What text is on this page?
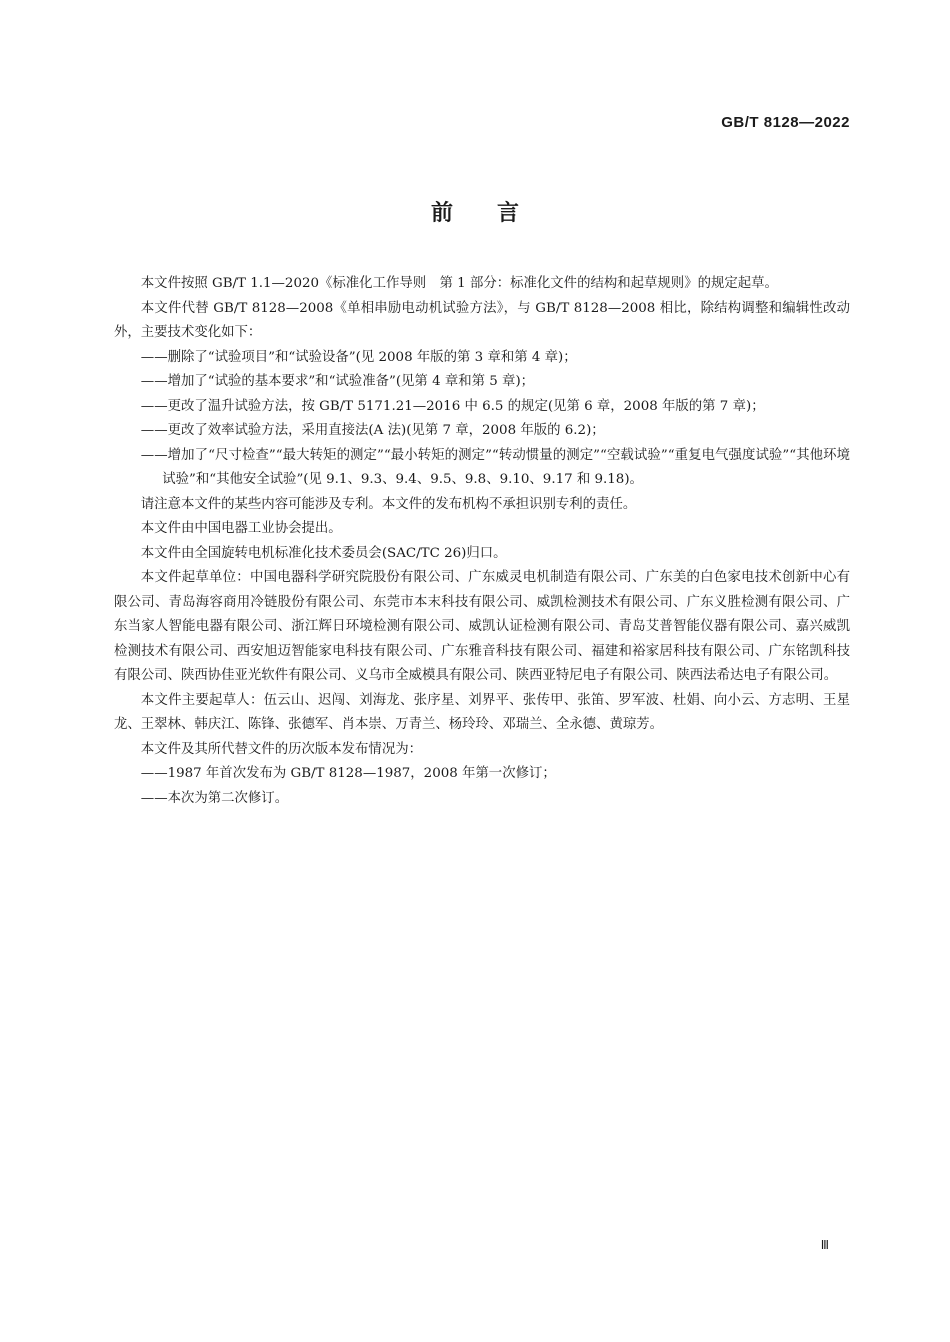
GB/T 8128—2022
前言

本文件按照 GB/T 1.1—2020《标准化工作导则　第 1 部分：标准化文件的结构和起草规则》的规定起草。

本文件代替 GB/T 8128—2008《单相串励电动机试验方法》，与 GB/T 8128—2008 相比，除结构调整和编辑性改动外，主要技术变化如下：

——删除了“试验项目”和“试验设备”(见 2008 年版的第 3 章和第 4 章)；

——增加了“试验的基本要求”和“试验准备”(见第 4 章和第 5 章)；

——更改了温升试验方法，按 GB/T 5171.21—2016 中 6.5 的规定(见第 6 章，2008 年版的第 7 章)；

——更改了效率试验方法，采用直接法(A 法)(见第 7 章，2008 年版的 6.2)；

——增加了“尺寸检查”“最大转矩的测定”“最小转矩的测定”“转动惯量的测定”“空载试验”“重复电气强度试验”“其他环境试验”和“其他安全试验”(见 9.1、9.3、9.4、9.5、9.8、9.10、9.17 和 9.18)。

请注意本文件的某些内容可能涉及专利。本文件的发布机构不承担识别专利的责任。

本文件由中国电器工业协会提出。

本文件由全国旋转电机标准化技术委员会(SAC/TC 26)归口。

本文件起草单位：中国电器科学研究院股份有限公司、广东威灵电机制造有限公司、广东美的白色家电技术创新中心有限公司、青岛海容商用冷链股份有限公司、东莞市本末科技有限公司、威凯检测技术有限公司、广东义胜检测有限公司、广东当家人智能电器有限公司、浙江辉日环境检测有限公司、威凯认证检测有限公司、青岛艾普智能仪器有限公司、嘉兴威凯检测技术有限公司、西安旭迈智能家电科技有限公司、广东雅音科技有限公司、福建和裕家居科技有限公司、广东铭凯科技有限公司、陕西协佳亚光软件有限公司、义乌市全威模具有限公司、陕西亚特尼电子有限公司、陕西法希达电子有限公司。

本文件主要起草人：伍云山、迟闯、刘海龙、张序星、刘界平、张传甲、张笛、罗军波、杜娟、向小云、方志明、王星龙、王翠林、韩庆江、陈锋、张德军、肖本崇、万青兰、杨玲玲、邓瑞兰、全永德、黄琼芳。

本文件及其所代替文件的历次版本发布情况为：

——1987 年首次发布为 GB/T 8128—1987，2008 年第一次修订；

——本次为第二次修订。

Ⅲ
